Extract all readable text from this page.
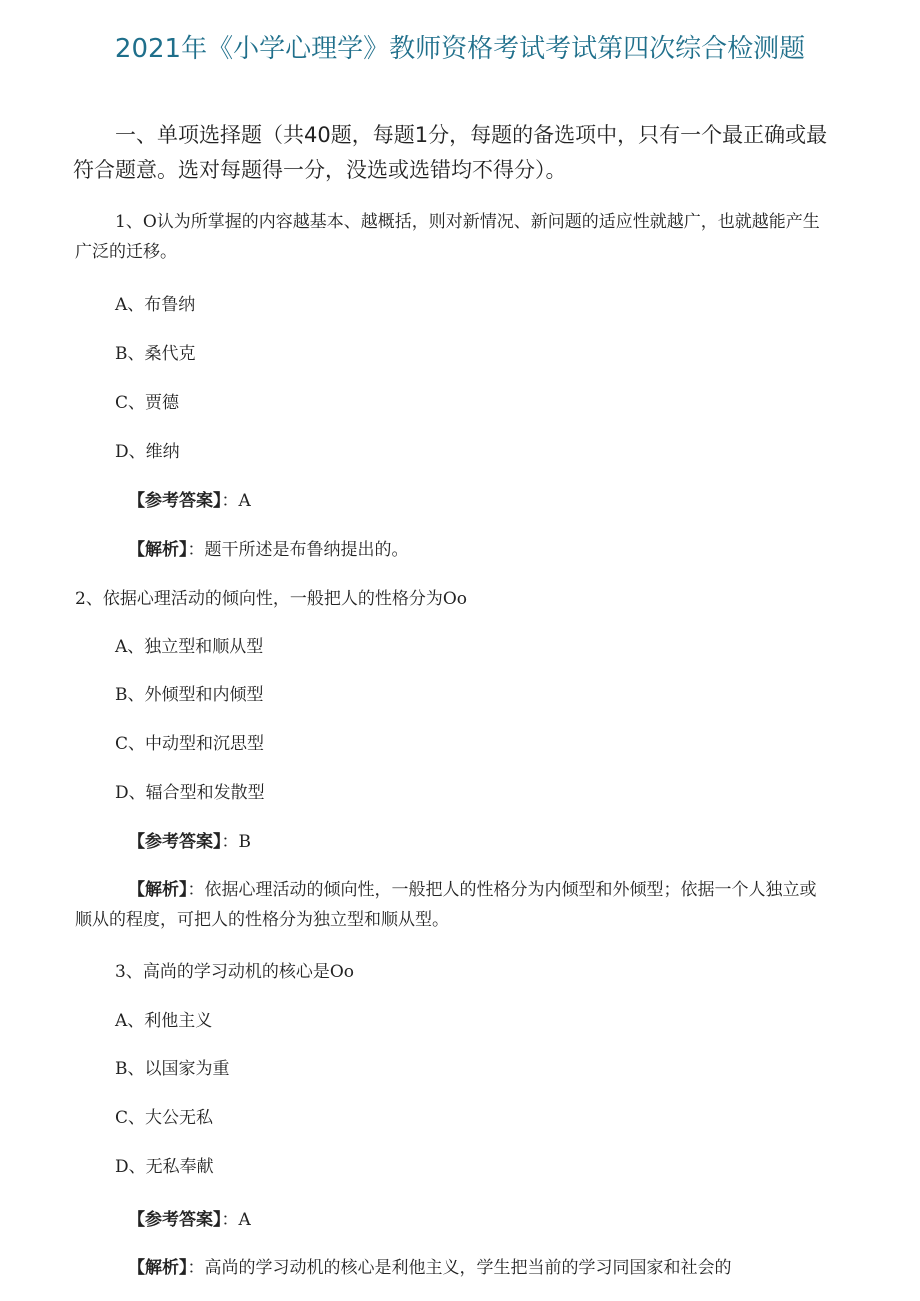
2021年《小学心理学》教师资格考试考试第四次综合检测题

一、单项选择题（共40题，每题1分，每题的备选项中，只有一个最正确或最符合题意。选对每题得一分，没选或选错均不得分）。

1、O认为所掌握的内容越基本、越概括，则对新情况、新问题的适应性就越广，也就越能产生广泛的迁移。

A、布鲁纳

B、桑代克

C、贾德

D、维纳

【参考答案】：A

【解析】：题干所述是布鲁纳提出的。

2、依据心理活动的倾向性，一般把人的性格分为Oo

A、独立型和顺从型

B、外倾型和内倾型

C、中动型和沉思型

D、辐合型和发散型

【参考答案】：B

【解析】：依据心理活动的倾向性，一般把人的性格分为内倾型和外倾型；依据一个人独立或顺从的程度，可把人的性格分为独立型和顺从型。

3、高尚的学习动机的核心是Oo

A、利他主义

B、以国家为重

C、大公无私

D、无私奉献

【参考答案】：A

【解析】：高尚的学习动机的核心是利他主义，学生把当前的学习同国家和社会的
